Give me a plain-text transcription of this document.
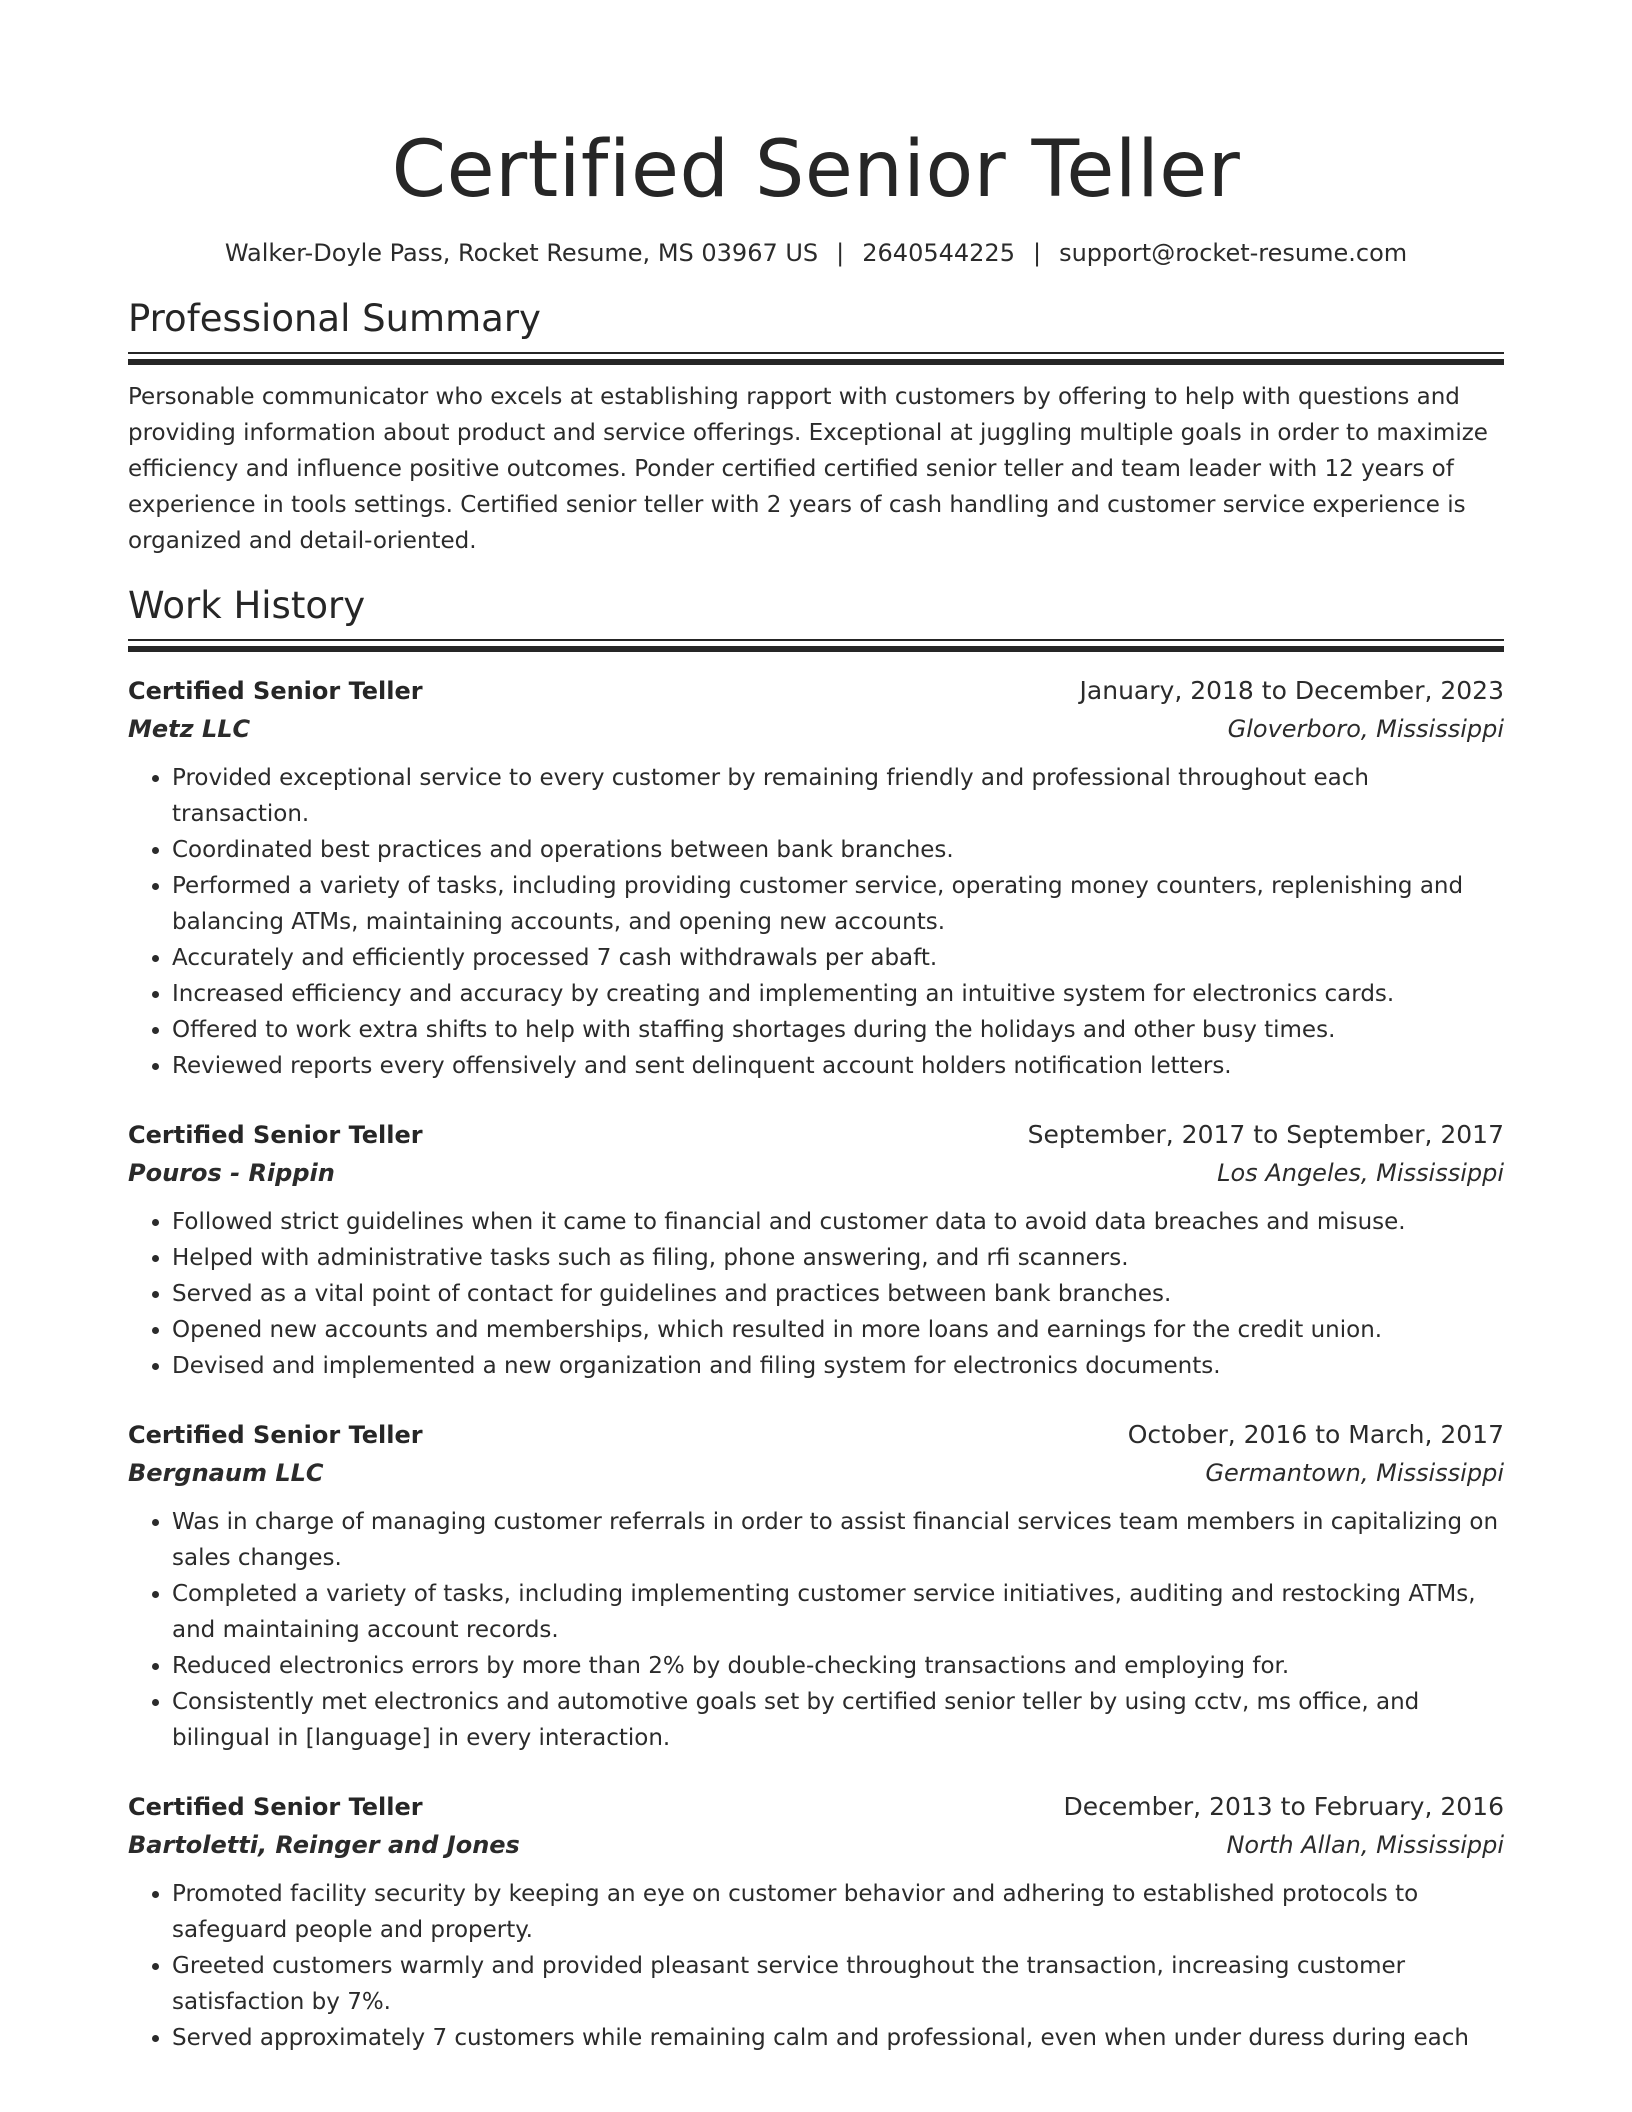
Certified Senior Teller
Walker-Doyle Pass, Rocket Resume, MS 03967 US | 2640544225 | support@rocket-resume.com
Professional Summary

Personable communicator who excels at establishing rapport with customers by offering to help with questions and providing information about product and service offerings. Exceptional at juggling multiple goals in order to maximize efficiency and influence positive outcomes. Ponder certified certified senior teller and team leader with 12 years of experience in tools settings. Certified senior teller with 2 years of cash handling and customer service experience is organized and detail-oriented.

Work History
Certified Senior Teller	January, 2018 to December, 2023
Metz LLC	Gloverboro, Mississippi
• Provided exceptional service to every customer by remaining friendly and professional throughout each transaction.
• Coordinated best practices and operations between bank branches.
• Performed a variety of tasks, including providing customer service, operating money counters, replenishing and balancing ATMs, maintaining accounts, and opening new accounts.
• Accurately and efficiently processed 7 cash withdrawals per abaft.
• Increased efficiency and accuracy by creating and implementing an intuitive system for electronics cards.
• Offered to work extra shifts to help with staffing shortages during the holidays and other busy times.
• Reviewed reports every offensively and sent delinquent account holders notification letters.
Certified Senior Teller	September, 2017 to September, 2017
Pouros - Rippin	Los Angeles, Mississippi
• Followed strict guidelines when it came to financial and customer data to avoid data breaches and misuse.
• Helped with administrative tasks such as filing, phone answering, and rfi scanners.
• Served as a vital point of contact for guidelines and practices between bank branches.
• Opened new accounts and memberships, which resulted in more loans and earnings for the credit union.
• Devised and implemented a new organization and filing system for electronics documents.
Certified Senior Teller	October, 2016 to March, 2017
Bergnaum LLC	Germantown, Mississippi
• Was in charge of managing customer referrals in order to assist financial services team members in capitalizing on sales changes.
• Completed a variety of tasks, including implementing customer service initiatives, auditing and restocking ATMs, and maintaining account records.
• Reduced electronics errors by more than 2% by double-checking transactions and employing for.
• Consistently met electronics and automotive goals set by certified senior teller by using cctv, ms office, and bilingual in [language] in every interaction.
Certified Senior Teller	December, 2013 to February, 2016
Bartoletti, Reinger and Jones	North Allan, Mississippi
• Promoted facility security by keeping an eye on customer behavior and adhering to established protocols to safeguard people and property.
• Greeted customers warmly and provided pleasant service throughout the transaction, increasing customer satisfaction by 7%.
• Served approximately 7 customers while remaining calm and professional, even when under duress during each
